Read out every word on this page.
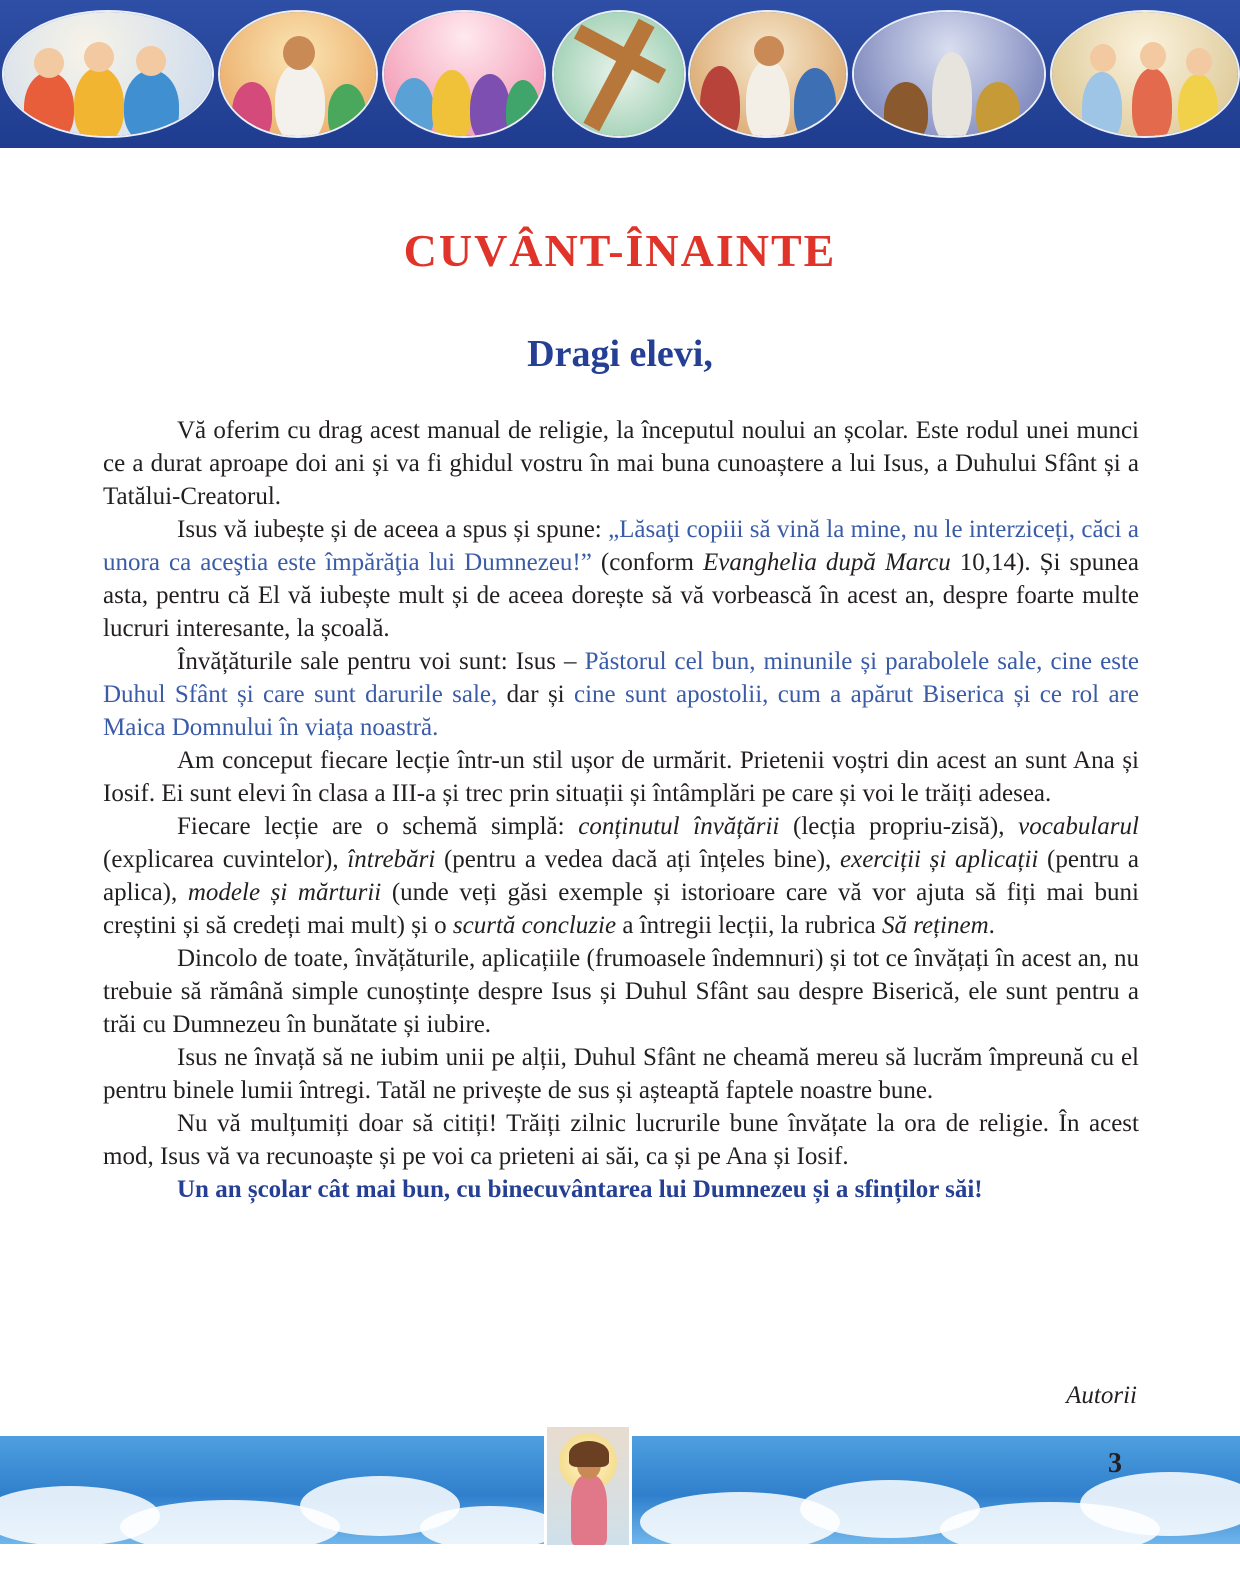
CUVÂNT-ÎNAINTE
Dragi elevi,

Vă oferim cu drag acest manual de religie, la începutul noului an școlar. Este rodul unei munci ce a durat aproape doi ani și va fi ghidul vostru în mai buna cunoaștere a lui Isus, a Duhului Sfânt și a Tatălui-Creatorul.

Isus vă iubește și de aceea a spus și spune: „Lăsaţi copiii să vină la mine, nu le interziceți, căci a unora ca aceştia este împărăţia lui Dumnezeu!” (conform Evanghelia după Marcu 10,14). Și spunea asta, pentru că El vă iubește mult și de aceea dorește să vă vorbească în acest an, despre foarte multe lucruri interesante, la școală.

Învățăturile sale pentru voi sunt: Isus – Păstorul cel bun, minunile și parabolele sale, cine este Duhul Sfânt și care sunt darurile sale, dar și cine sunt apostolii, cum a apărut Biserica și ce rol are Maica Domnului în viața noastră.

Am conceput fiecare lecție într-un stil ușor de urmărit. Prietenii voștri din acest an sunt Ana și Iosif. Ei sunt elevi în clasa a III-a și trec prin situații și întâmplări pe care și voi le trăiți adesea.

Fiecare lecție are o schemă simplă: conținutul învățării (lecția propriu-zisă), vocabularul (explicarea cuvintelor), întrebări (pentru a vedea dacă ați înțeles bine), exerciții și aplicații (pentru a aplica), modele și mărturii (unde veți găsi exemple și istorioare care vă vor ajuta să fiți mai buni creștini și să credeți mai mult) și o scurtă concluzie a întregii lecții, la rubrica Să reținem.

Dincolo de toate, învățăturile, aplicațiile (frumoasele îndemnuri) și tot ce învățați în acest an, nu trebuie să rămână simple cunoștințe despre Isus și Duhul Sfânt sau despre Biserică, ele sunt pentru a trăi cu Dumnezeu în bunătate și iubire.

Isus ne învață să ne iubim unii pe alții, Duhul Sfânt ne cheamă mereu să lucrăm împreună cu el pentru binele lumii întregi. Tatăl ne privește de sus și așteaptă faptele noastre bune.

Nu vă mulțumiți doar să citiți! Trăiți zilnic lucrurile bune învățate la ora de religie. În acest mod, Isus vă va recunoaște și pe voi ca prieteni ai săi, ca și pe Ana și Iosif.

Un an școlar cât mai bun, cu binecuvântarea lui Dumnezeu și a sfinților săi!

Autorii

3
